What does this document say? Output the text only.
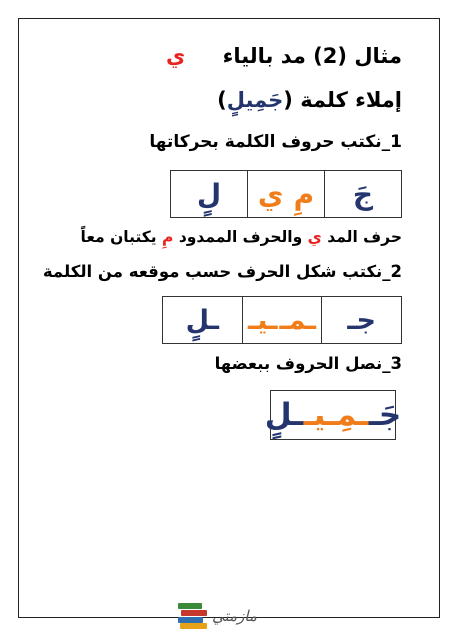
مثال (2) مد بالياء ي
إملاء كلمة (جَمِيلٍ)
1_نكتب حروف الكلمة بحركاتها
جَ
مِ
ي
لٍ
حرف المد ي والحرف الممدود مِ يكتبان معاً
2_نكتب شكل الحرف حسب موقعه من الكلمة
جـ
ـمـ
ـيـ
ـلٍ
3_نصل الحروف ببعضها
جَـ
ـمِـيـ
ـلٍ
مازمتي
